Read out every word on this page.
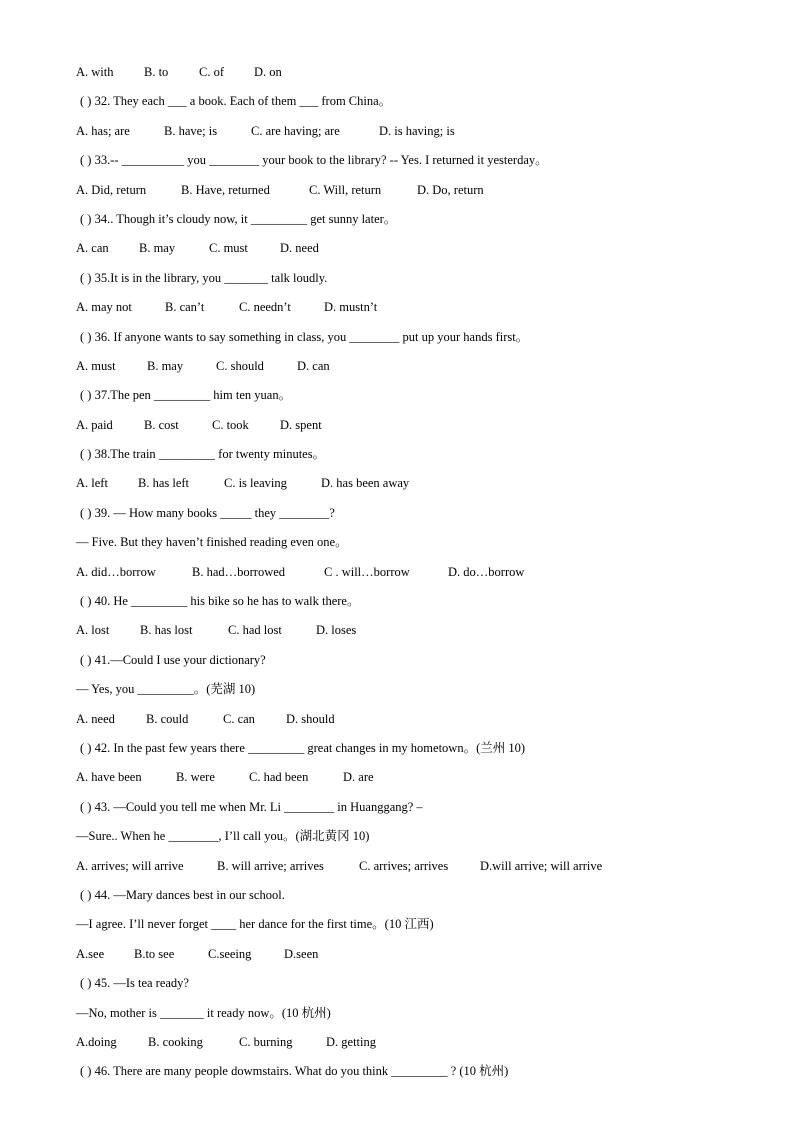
A. with B. to C. of D. on
( ) 32. They each ___ a book. Each of them ___ from China。
A. has; are	B. have; is	C. are having; are	D. is having; is
( ) 33.-- __________ you ________ your book to the library? -- Yes. I returned it yesterday。
A. Did, return	B. Have, returned	C. Will, return	D. Do, return
( ) 34.. Though it’s cloudy now, it _________ get sunny later。
A. can B. may	C. must	D. need
( ) 35.It is in the library, you _______ talk loudly.
A. may not	B. can’t	C. needn’t	D. mustn’t
( ) 36. If anyone wants to say something in class, you ________ put up your hands first。
A. must	B. may	C. should	D. can
( ) 37.The pen _________ him ten yuan。
A. paid B. cost	C. took D. spent
( ) 38.The train _________ for twenty minutes。
A. left B. has left	C. is leaving	D. has been away
( ) 39. — How many books _____ they ________?
— Five. But they haven’t finished reading even one。
A. did…borrow	B. had…borrowed	C . will…borrow	D. do…borrow
( ) 40. He _________ his bike so he has to walk there。
A. lost B. has lost	C. had lost	D. loses
( ) 41.—Could I use your dictionary?
— Yes, you _________。(芜湖 10)
A. need B. could	C. can D. should
( ) 42. In the past few years there _________ great changes in my hometown。(兰州 10)
A. have been	B. were	C. had been	D. are
( ) 43. —Could you tell me when Mr. Li ________ in Huanggang? –
—Sure.. When he ________, I’ll call you。(湖北黄冈 10)
A. arrives; will arrive	B. will arrive; arrives	C. arrives; arrives	D.will arrive; will arrive
( ) 44. —Mary dances best in our school.
—I agree. I’ll never forget ____ her dance for the first time。(10 江西)
A.see B.to see	C.seeing	D.seen
( ) 45. —Is tea ready?
—No, mother is _______ it ready now。(10 杭州)
A.doing	B. cooking	C. burning	D. getting
( ) 46. There are many people dowmstairs. What do you think _________ ? (10 杭州)
